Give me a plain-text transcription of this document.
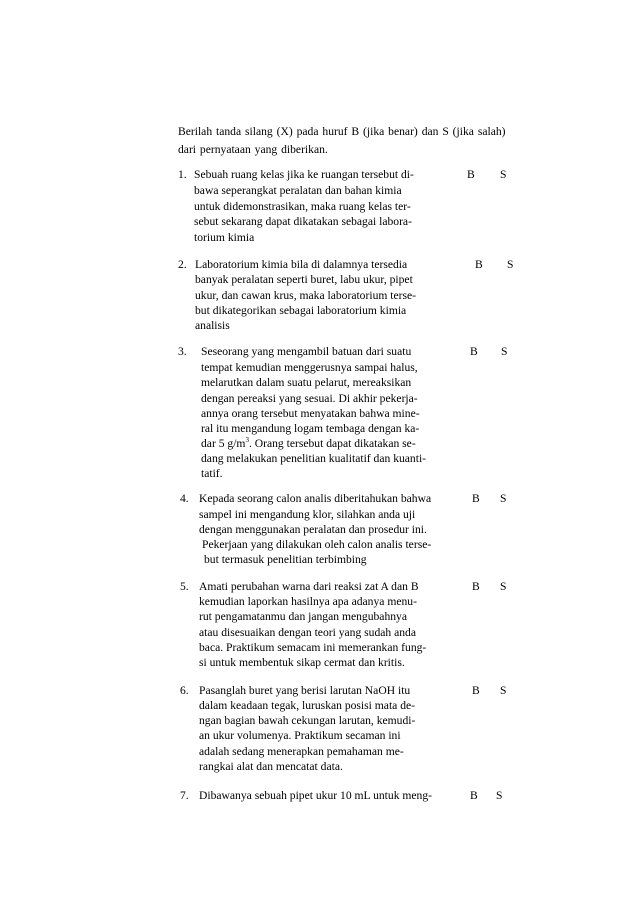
Berilah tanda silang (X) pada huruf B (jika benar) dan S (jika salah)
dari pernyataan yang diberikan.
1. Sebuah ruang kelas jika ke ruangan tersebut di-
bawa seperangkat peralatan dan bahan kimia
untuk didemonstrasikan, maka ruang kelas ter-
sebut sekarang dapat dikatakan sebagai labora-
torium kimia
B S
2. Laboratorium kimia bila di dalamnya tersedia
banyak peralatan seperti buret, labu ukur, pipet
ukur, dan cawan krus, maka laboratorium terse-
but dikategorikan sebagai laboratorium kimia
analisis
B S
3. Seseorang yang mengambil batuan dari suatu
tempat kemudian menggerusnya sampai halus,
melarutkan dalam suatu pelarut, mereaksikan
dengan pereaksi yang sesuai. Di akhir pekerja-
annya orang tersebut menyatakan bahwa mine-
ral itu mengandung logam tembaga dengan ka-
dar 5 $g/m^3$. Orang tersebut dapat dikatakan se-
dang melakukan penelitian kualitatif dan kuanti-
tatif.
B S
4. Kepada seorang calon analis diberitahukan bahwa
sampel ini mengandung klor, silahkan anda uji
dengan menggunakan peralatan dan prosedur ini.
Pekerjaan yang dilakukan oleh calon analis terse-
but termasuk penelitian terbimbing
B S
5. Amati perubahan warna dari reaksi zat A dan B
kemudian laporkan hasilnya apa adanya menu-
rut pengamatanmu dan jangan mengubahnya
atau disesuaikan dengan teori yang sudah anda
baca. Praktikum semacam ini memerankan fung-
si untuk membentuk sikap cermat dan kritis.
B S
6. Pasanglah buret yang berisi larutan NaOH itu
dalam keadaan tegak, luruskan posisi mata de-
ngan bagian bawah cekungan larutan, kemudi-
an ukur volumenya. Praktikum secaman ini
adalah sedang menerapkan pemahaman me-
rangkai alat dan mencatat data.
B S
7. Dibawanya sebuah pipet ukur 10 mL untuk meng-	B S
